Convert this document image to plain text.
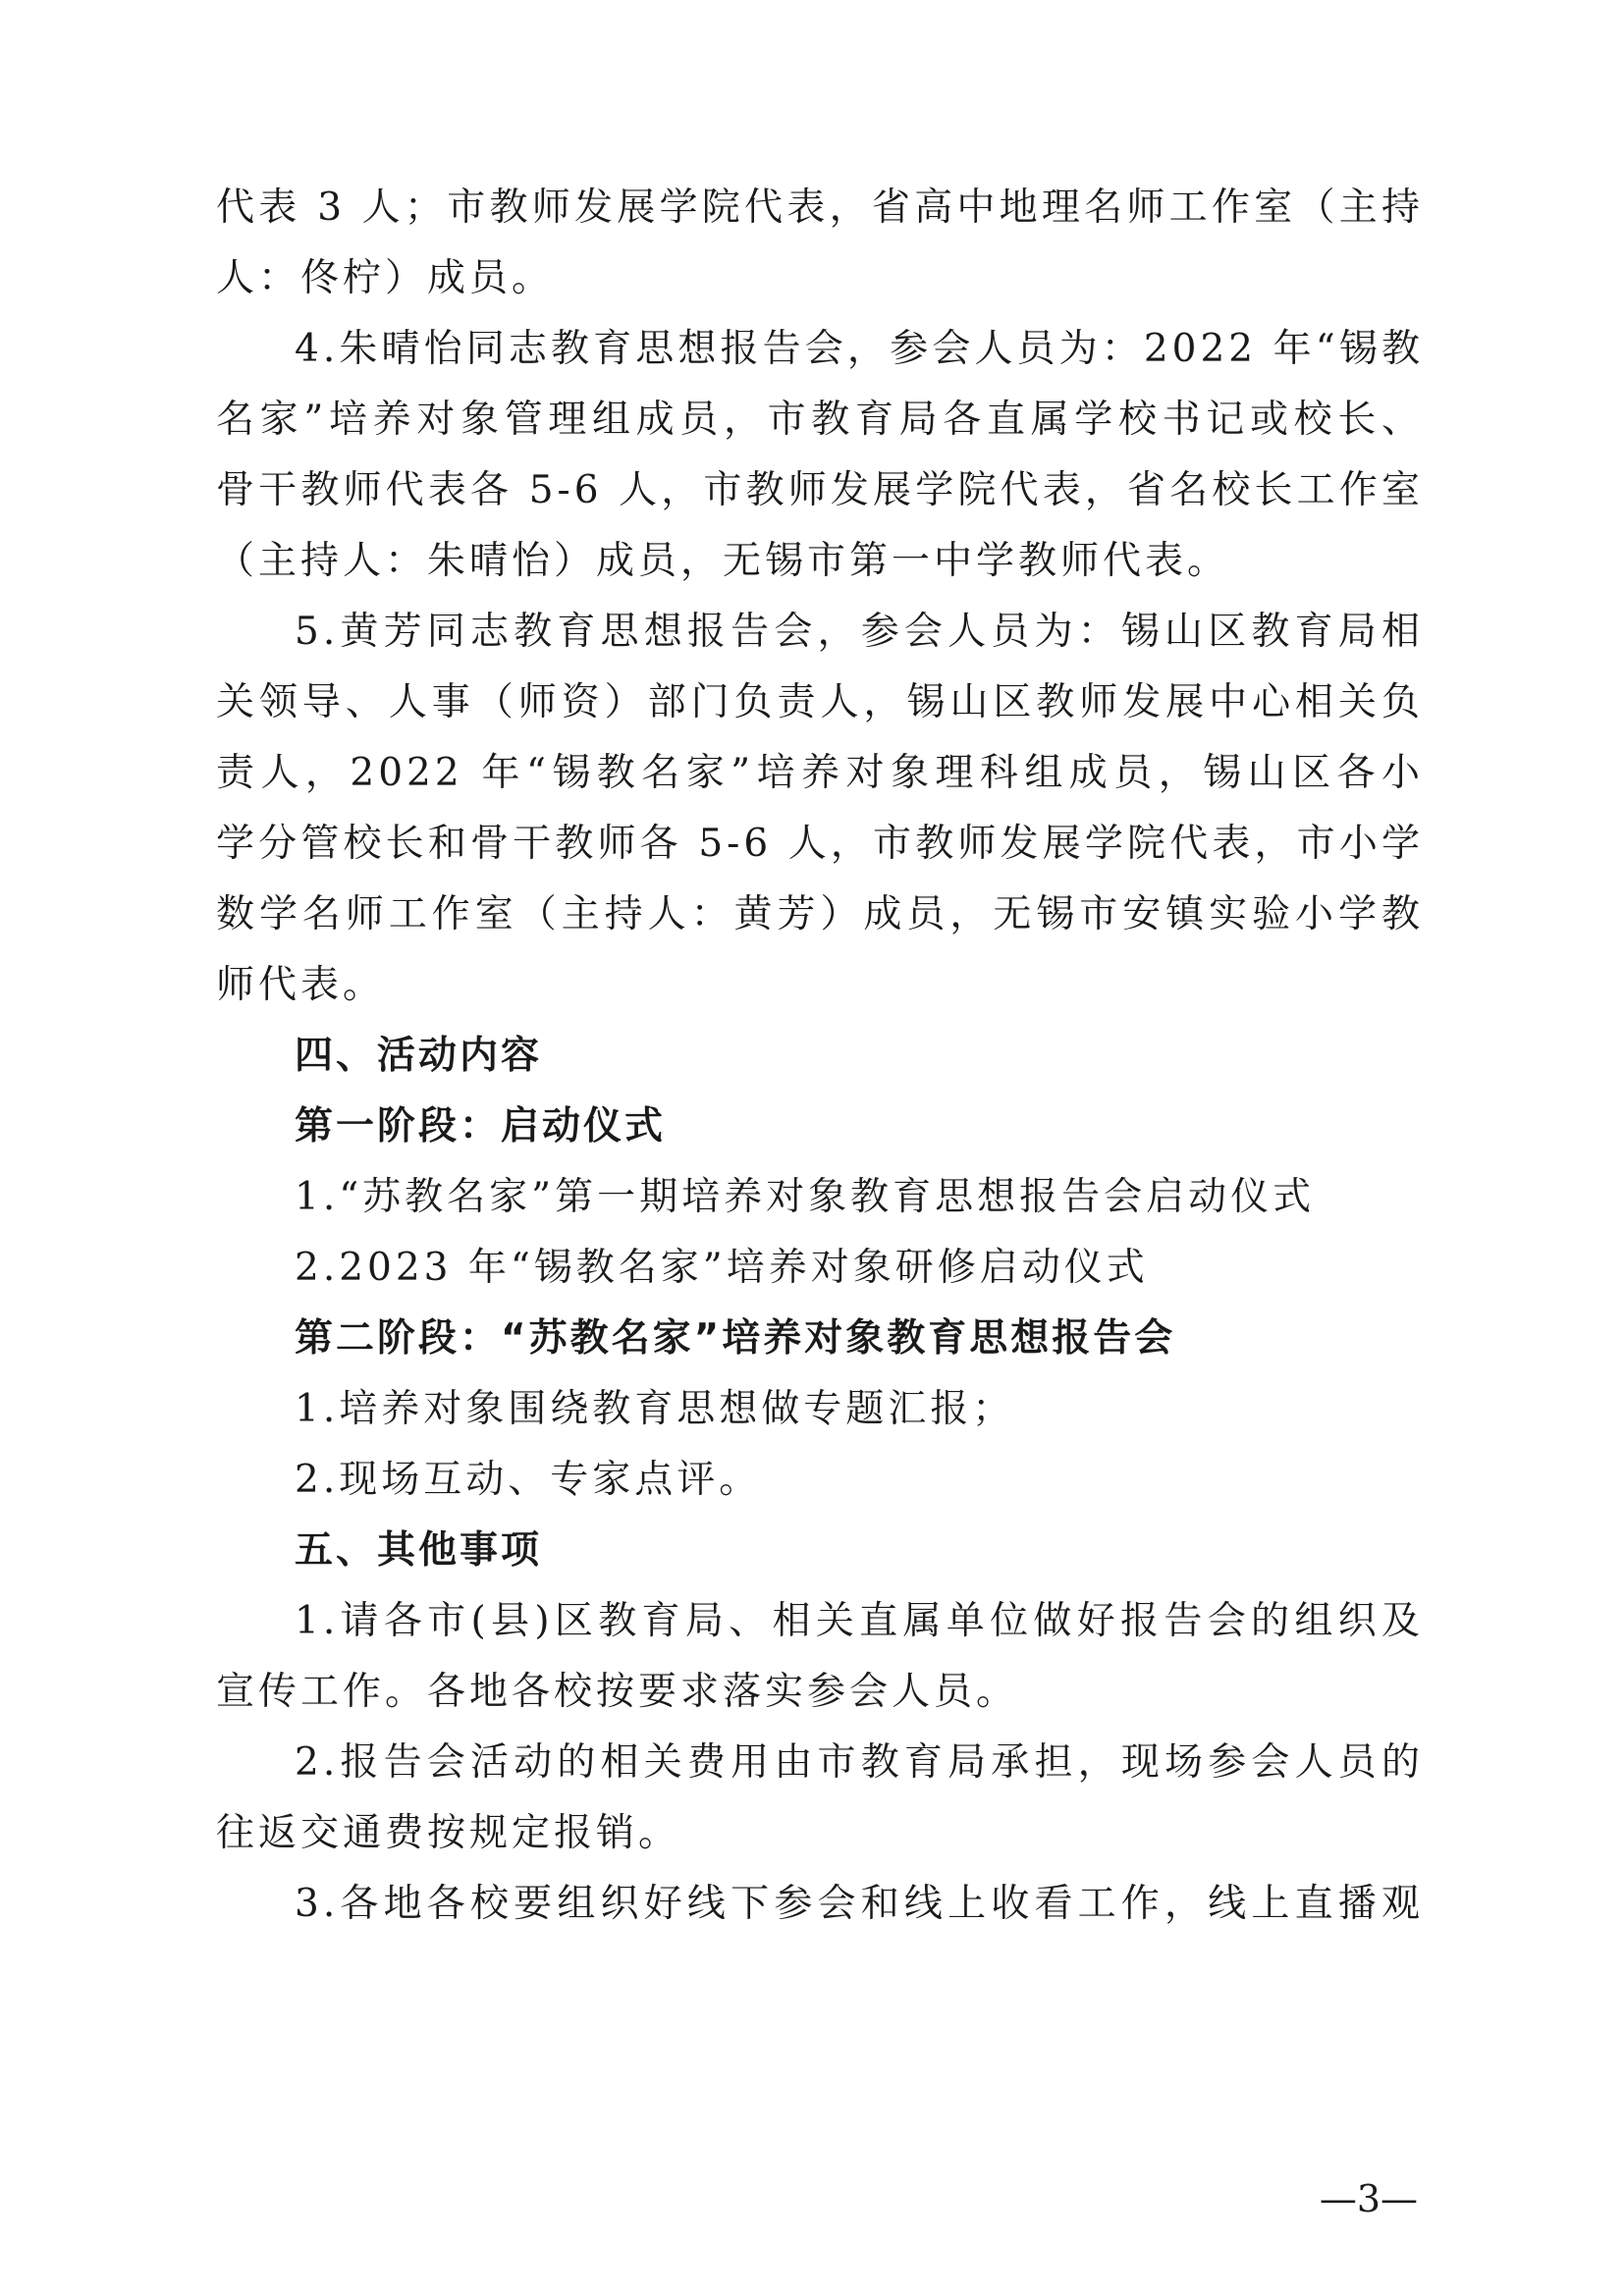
代表 3 人；市教师发展学院代表，省高中地理名师工作室（主持
人：佟柠）成员。
4.朱晴怡同志教育思想报告会，参会人员为：2022 年“锡教
名家”培养对象管理组成员，市教育局各直属学校书记或校长、
骨干教师代表各 5-6 人，市教师发展学院代表，省名校长工作室
（主持人：朱晴怡）成员，无锡市第一中学教师代表。
5.黄芳同志教育思想报告会，参会人员为：锡山区教育局相
关领导、人事（师资）部门负责人，锡山区教师发展中心相关负
责人，2022 年“锡教名家”培养对象理科组成员，锡山区各小
学分管校长和骨干教师各 5-6 人，市教师发展学院代表，市小学
数学名师工作室（主持人：黄芳）成员，无锡市安镇实验小学教
师代表。
四、活动内容
第一阶段：启动仪式
1.“苏教名家”第一期培养对象教育思想报告会启动仪式
2.2023 年“锡教名家”培养对象研修启动仪式
第二阶段：“苏教名家”培养对象教育思想报告会
1.培养对象围绕教育思想做专题汇报；
2.现场互动、专家点评。
五、其他事项
1.请各市(县)区教育局、相关直属单位做好报告会的组织及
宣传工作。各地各校按要求落实参会人员。
2.报告会活动的相关费用由市教育局承担，现场参会人员的
往返交通费按规定报销。
3.各地各校要组织好线下参会和线上收看工作，线上直播观
—3—
